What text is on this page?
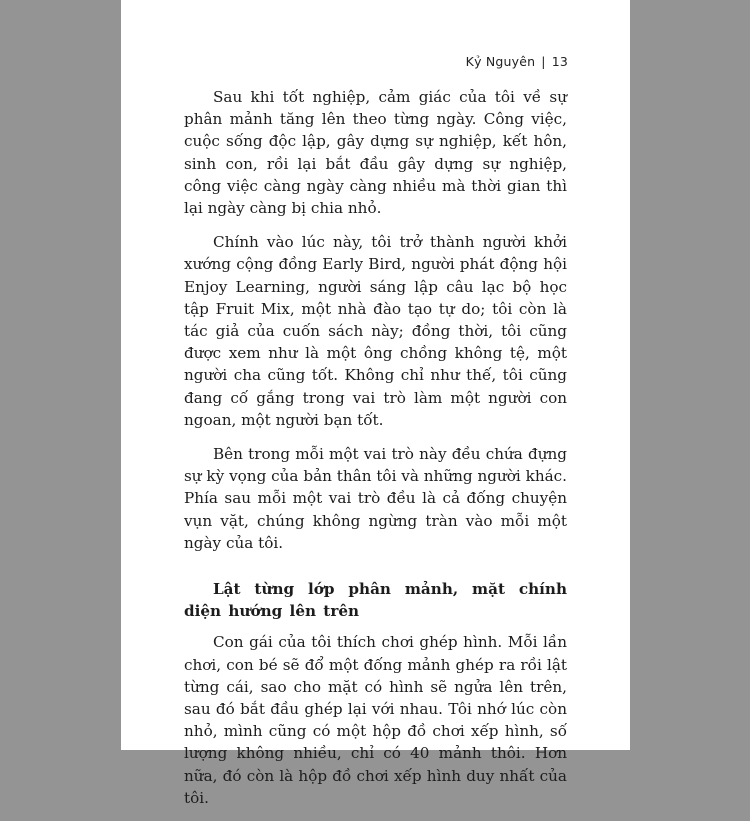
Kỷ Nguyên | 13

Sau khi tốt nghiệp, cảm giác của tôi về sự phân mảnh tăng lên theo từng ngày. Công việc, cuộc sống độc lập, gây dựng sự nghiệp, kết hôn, sinh con, rồi lại bắt đầu gây dựng sự nghiệp, công việc càng ngày càng nhiều mà thời gian thì lại ngày càng bị chia nhỏ.

Chính vào lúc này, tôi trở thành người khởi xướng cộng đồng Early Bird, người phát động hội Enjoy Learning, người sáng lập câu lạc bộ học tập Fruit Mix, một nhà đào tạo tự do; tôi còn là tác giả của cuốn sách này; đồng thời, tôi cũng được xem như là một ông chồng không tệ, một người cha cũng tốt. Không chỉ như thế, tôi cũng đang cố gắng trong vai trò làm một người con ngoan, một người bạn tốt.

Bên trong mỗi một vai trò này đều chứa đựng sự kỳ vọng của bản thân tôi và những người khác. Phía sau mỗi một vai trò đều là cả đống chuyện vụn vặt, chúng không ngừng tràn vào mỗi một ngày của tôi.

Lật từng lớp phân mảnh, mặt chính diện hướng lên trên

Con gái của tôi thích chơi ghép hình. Mỗi lần chơi, con bé sẽ đổ một đống mảnh ghép ra rồi lật từng cái, sao cho mặt có hình sẽ ngửa lên trên, sau đó bắt đầu ghép lại với nhau. Tôi nhớ lúc còn nhỏ, mình cũng có một hộp đồ chơi xếp hình, số lượng không nhiều, chỉ có 40 mảnh thôi. Hơn nữa, đó còn là hộp đồ chơi xếp hình duy nhất của tôi.
